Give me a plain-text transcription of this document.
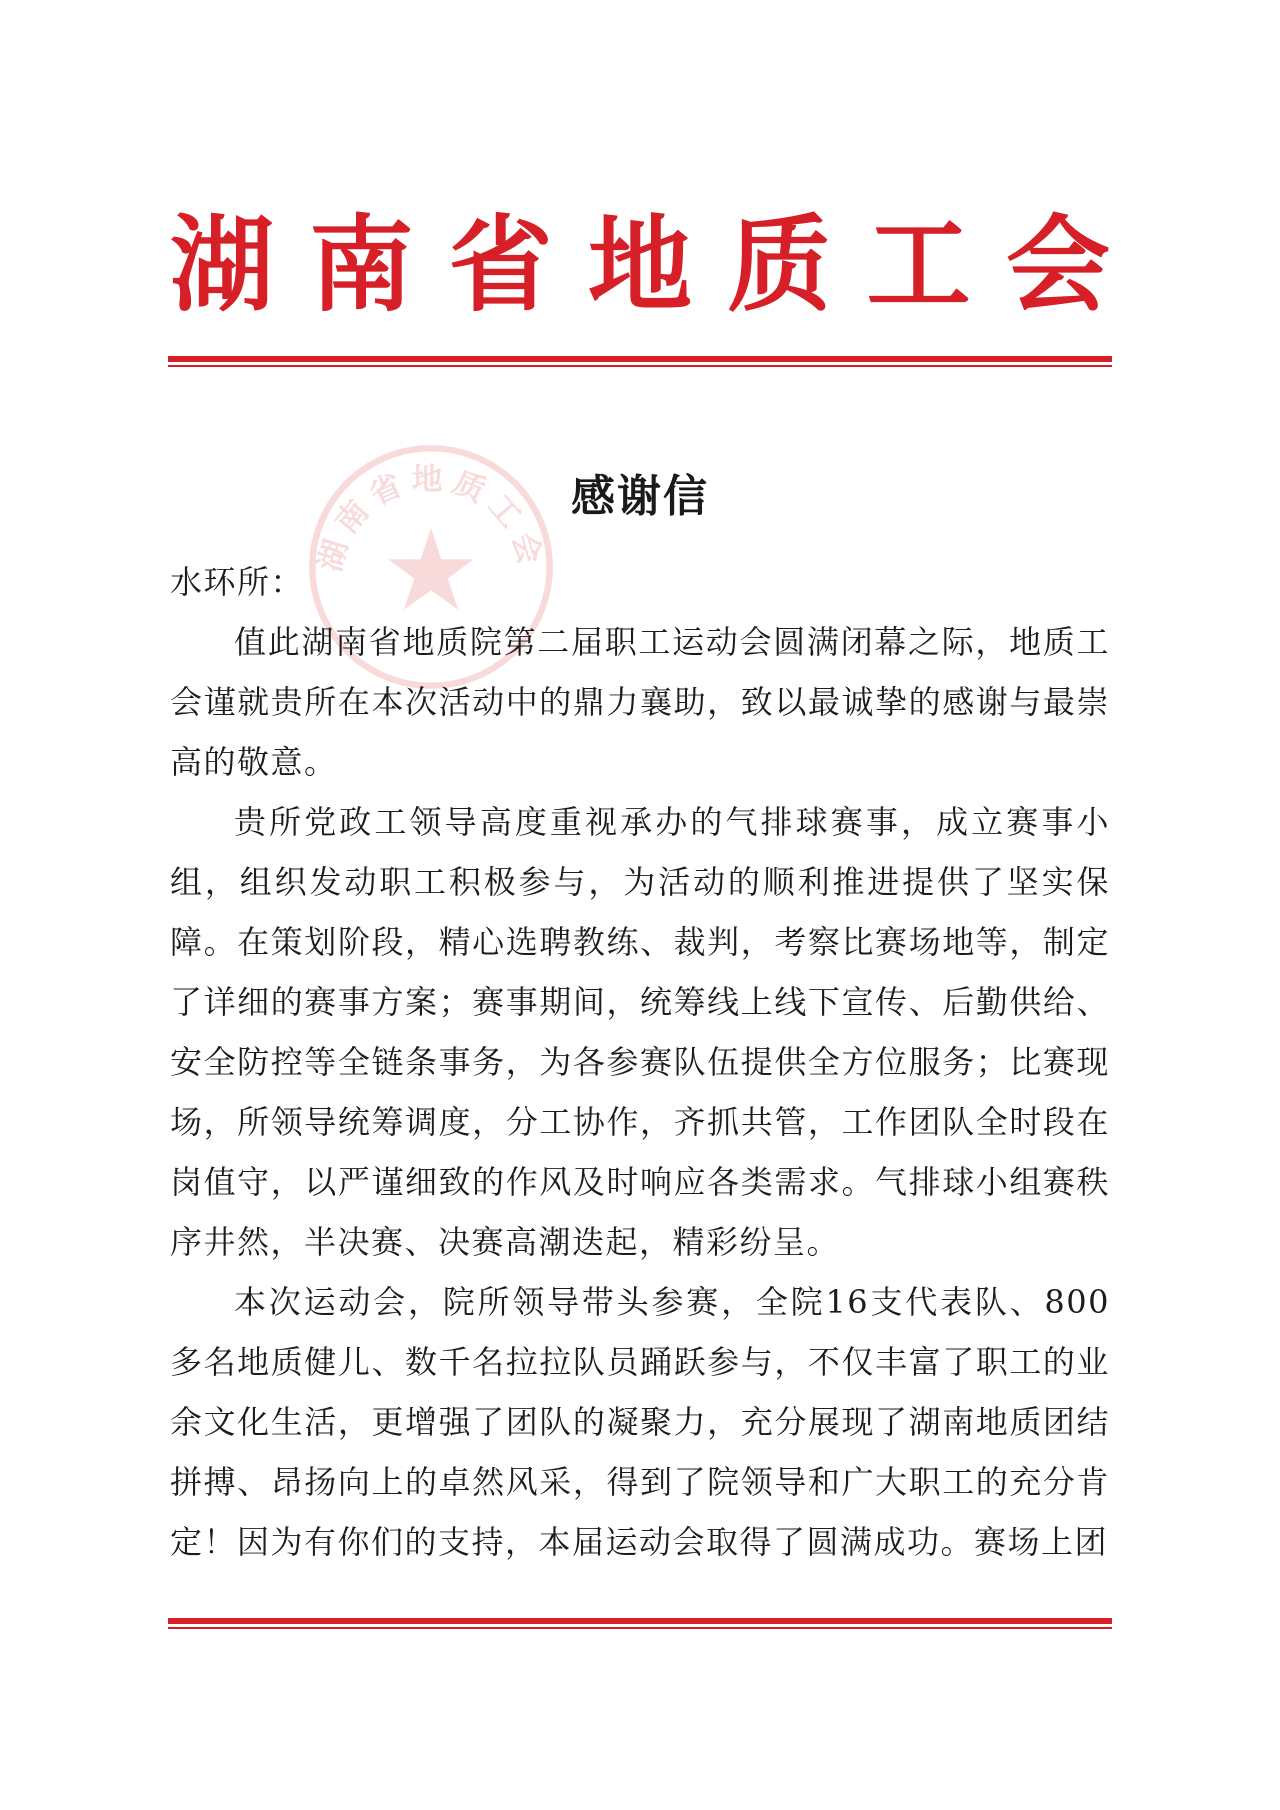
湖 南 省 地 质 工 会
湖南省地质工会
感谢信

水环所：

值此湖南省地质院第二届职工运动会圆满闭幕之际，地质工会谨就贵所在本次活动中的鼎力襄助，致以最诚挚的感谢与最崇高的敬意。

贵所党政工领导高度重视承办的气排球赛事，成立赛事小组，组织发动职工积极参与，为活动的顺利推进提供了坚实保障。在策划阶段，精心选聘教练、裁判，考察比赛场地等，制定了详细的赛事方案；赛事期间，统筹线上线下宣传、后勤供给、安全防控等全链条事务，为各参赛队伍提供全方位服务；比赛现场，所领导统筹调度，分工协作，齐抓共管，工作团队全时段在岗值守，以严谨细致的作风及时响应各类需求。气排球小组赛秩序井然，半决赛、决赛高潮迭起，精彩纷呈。

本次运动会，院所领导带头参赛，全院16支代表队、800多名地质健儿、数千名拉拉队员踊跃参与，不仅丰富了职工的业余文化生活，更增强了团队的凝聚力，充分展现了湖南地质团结拼搏、昂扬向上的卓然风采，得到了院领导和广大职工的充分肯定！因为有你们的支持，本届运动会取得了圆满成功。赛场上团
